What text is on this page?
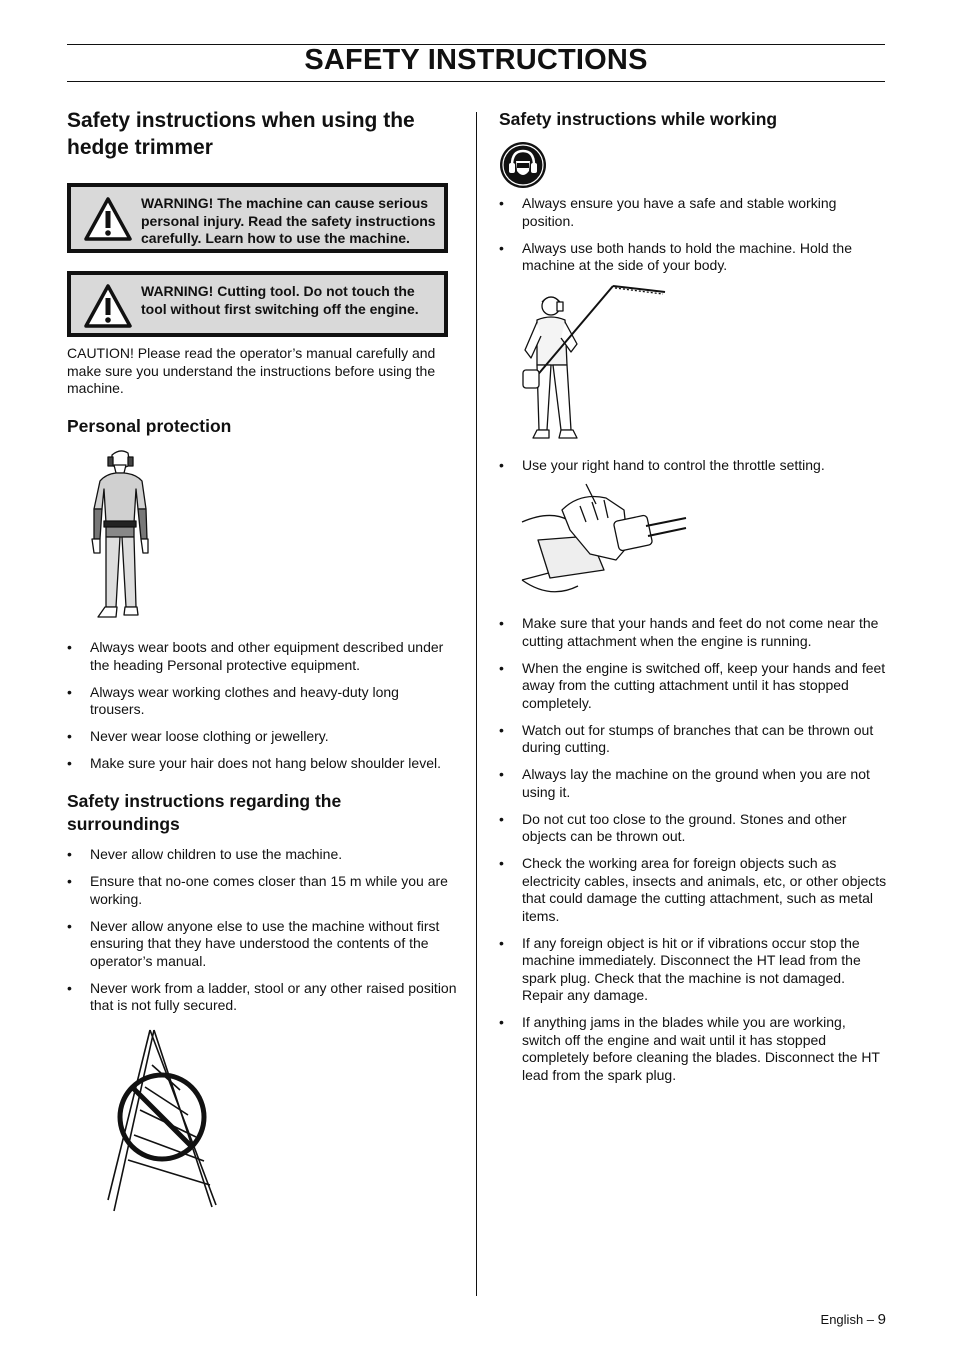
SAFETY INSTRUCTIONS
Safety instructions when using the hedge trimmer
WARNING! The machine can cause serious personal injury. Read the safety instructions carefully. Learn how to use the machine.
WARNING! Cutting tool. Do not touch the tool without first switching off the engine.

CAUTION! Please read the operator’s manual carefully and make sure you understand the instructions before using the machine.

Personal protection
• Always wear boots and other equipment described under the heading Personal protective equipment.
• Always wear working clothes and heavy-duty long trousers.
• Never wear loose clothing or jewellery.
• Make sure your hair does not hang below shoulder level.
Safety instructions regarding the surroundings
• Never allow children to use the machine.
• Ensure that no-one comes closer than 15 m while you are working.
• Never allow anyone else to use the machine without first ensuring that they have understood the contents of the operator’s manual.
• Never work from a ladder, stool or any other raised position that is not fully secured.
Safety instructions while working
• Always ensure you have a safe and stable working position.
• Always use both hands to hold the machine. Hold the machine at the side of your body.
• Use your right hand to control the throttle setting.
• Make sure that your hands and feet do not come near the cutting attachment when the engine is running.
• When the engine is switched off, keep your hands and feet away from the cutting attachment until it has stopped completely.
• Watch out for stumps of branches that can be thrown out during cutting.
• Always lay the machine on the ground when you are not using it.
• Do not cut too close to the ground. Stones and other objects can be thrown out.
• Check the working area for foreign objects such as electricity cables, insects and animals, etc, or other objects that could damage the cutting attachment, such as metal items.
• If any foreign object is hit or if vibrations occur stop the machine immediately. Disconnect the HT lead from the spark plug. Check that the machine is not damaged. Repair any damage.
• If anything jams in the blades while you are working, switch off the engine and wait until it has stopped completely before cleaning the blades. Disconnect the HT lead from the spark plug.
English – 9
